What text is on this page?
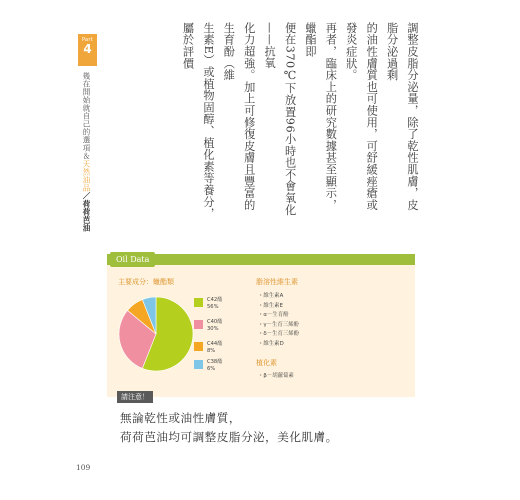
調整皮脂分泌量，除了乾性肌膚，皮脂分泌過剩

的油性膚質也可使用，可舒緩痤瘡或發炎症狀。

再者，臨床上的研究數據甚至顯示，蠟酯即

便在370℃下放置96小時也不會氧化——抗氧

化力超強。加上可修復皮膚且豐富的生育酚（維

生素E）或植物固醇、植化素等養分，屬於評價

Part
4
幾在開始就自己的選項＆天然油品／荷荷芭油
Oil Data
主要成分：蠟酯類
C42酯
56%
C40酯
30%
C44酯
8%
C38酯
6%
脂溶性維生素
・維生素A
・維生素E
・α－生育酚
・γ－生育三烯酚
・δ－生育三烯酚
・維生素D
植化素
・β－胡蘿蔔素
請注意！
無論乾性或油性膚質，
荷荷芭油均可調整皮脂分泌，美化肌膚。
109
